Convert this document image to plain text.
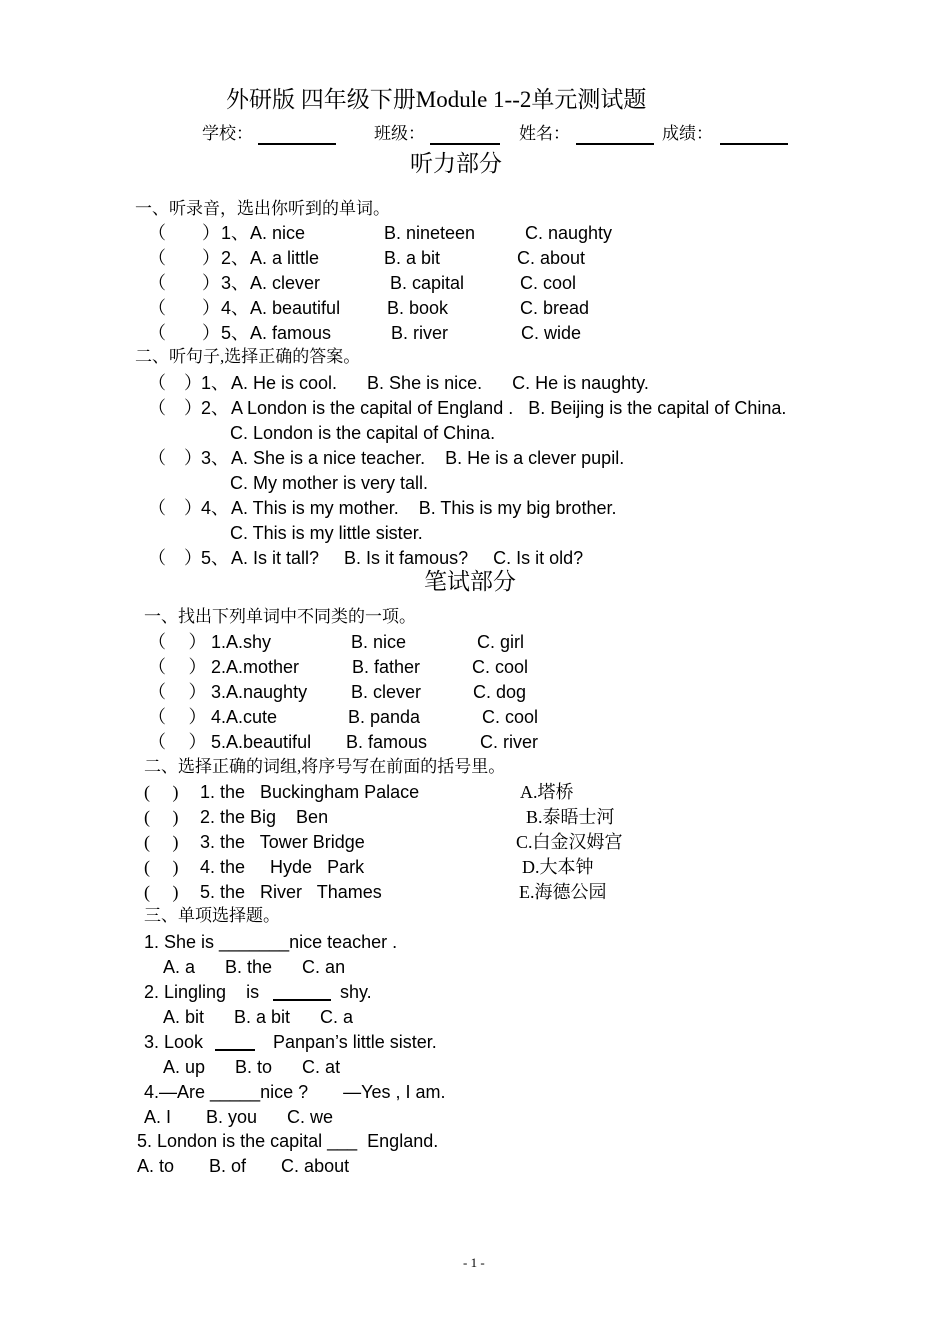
外研版 四年级下册Module 1--2单元测试题
学校：	班级：	姓名：	成绩：
听力部分
一、听录音，选出你听到的单词。
（　　） 1、 A. nice	B. nineteen	C. naughty
（　　） 2、 A. a little	B. a bit	C. about
（　　） 3、 A. clever	B. capital	C. cool
（　　） 4、 A. beautiful	B. book	C. bread
（　　） 5、 A. famous	B. river	C. wide
二、听句子,选择正确的答案。
（　） 1、 A. He is cool.      B. She is nice.      C. He is naughty.
（　） 2、 A London is the capital of England .   B. Beijing is the capital of China.
C. London is the capital of China.
（　） 3、 A. She is a nice teacher.    B. He is a clever pupil.
C. My mother is very tall.
（　） 4、 A. This is my mother.    B. This is my big brother.
C. This is my little sister.
（　） 5、 A. Is it tall?     B. Is it famous?     C. Is it old?
笔试部分
一、找出下列单词中不同类的一项。
（　 ） 1.A.shy	B. nice	C. girl
（　 ） 2.A.mother	B. father	C. cool
（　 ） 3.A.naughty B. clever	C. dog
（　 ） 4.A.cute	B. panda	C. cool
（　 ） 5.A.beautiful B. famous	C. river
二、选择正确的词组,将序号写在前面的括号里。
(　 ) 1. the   Buckingham Palace	A.塔桥
(　 ) 2. the Big    Ben	B.泰晤士河
(　 ) 3. the   Tower Bridge	C.白金汉姆宫
(　 ) 4. the     Hyde   Park	D.大本钟
(　 ) 5. the   River   Thames	E.海德公园
三、单项选择题。
1. She is _______nice teacher .
A. a      B. the      C. an
2. Lingling    is	shy.
A. bit      B. a bit      C. a
3. Look	Panpan’s little sister.
A. up      B. to      C. at
4.—Are _____nice ?       —Yes , I am.
A. I       B. you      C. we
5. London is the capital ___  England.
A. to       B. of       C. about
- 1 -
